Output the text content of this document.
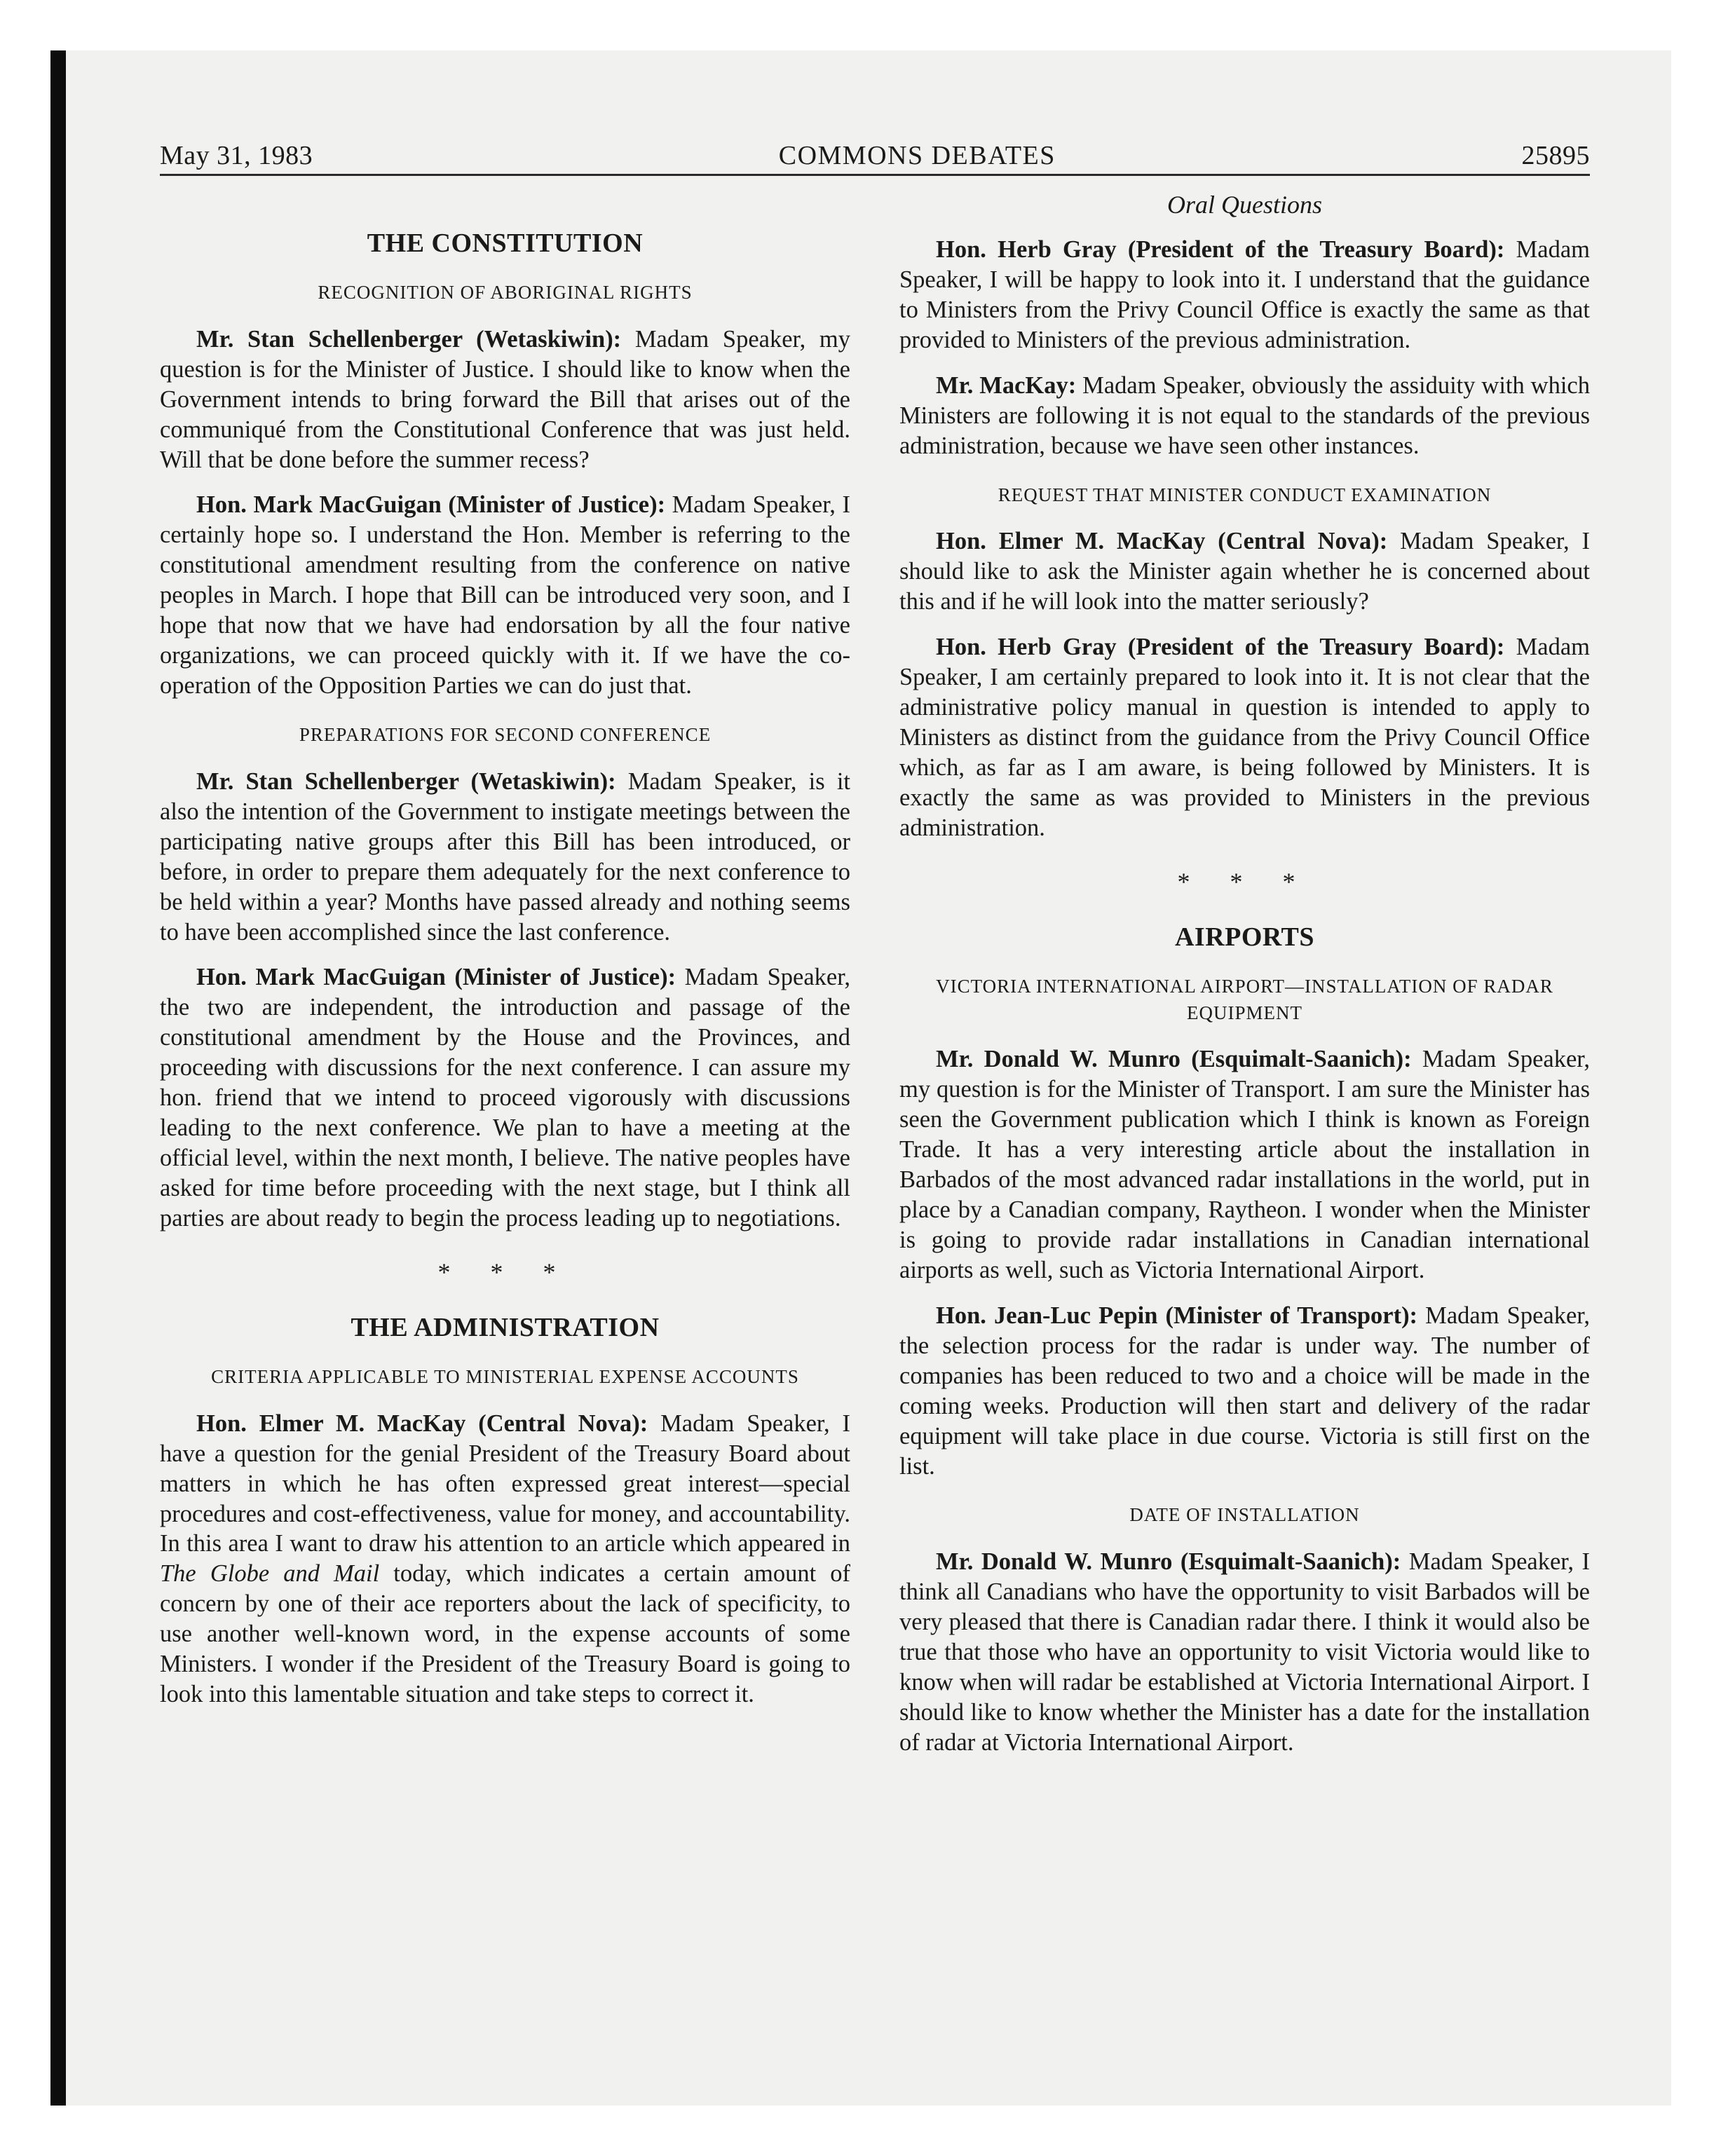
May 31, 1983	COMMONS DEBATES	25895
THE CONSTITUTION
RECOGNITION OF ABORIGINAL RIGHTS

Mr. Stan Schellenberger (Wetaskiwin): Madam Speaker, my question is for the Minister of Justice. I should like to know when the Government intends to bring forward the Bill that arises out of the communiqué from the Constitutional Conference that was just held. Will that be done before the summer recess?

Hon. Mark MacGuigan (Minister of Justice): Madam Speaker, I certainly hope so. I understand the Hon. Member is referring to the constitutional amendment resulting from the conference on native peoples in March. I hope that Bill can be introduced very soon, and I hope that now that we have had endorsation by all the four native organizations, we can proceed quickly with it. If we have the co-operation of the Opposition Parties we can do just that.

PREPARATIONS FOR SECOND CONFERENCE

Mr. Stan Schellenberger (Wetaskiwin): Madam Speaker, is it also the intention of the Government to instigate meetings between the participating native groups after this Bill has been introduced, or before, in order to prepare them adequately for the next conference to be held within a year? Months have passed already and nothing seems to have been accomplished since the last conference.

Hon. Mark MacGuigan (Minister of Justice): Madam Speaker, the two are independent, the introduction and passage of the constitutional amendment by the House and the Provinces, and proceeding with discussions for the next conference. I can assure my hon. friend that we intend to proceed vigorously with discussions leading to the next conference. We plan to have a meeting at the official level, within the next month, I believe. The native peoples have asked for time before proceeding with the next stage, but I think all parties are about ready to begin the process leading up to negotiations.

* * *
THE ADMINISTRATION
CRITERIA APPLICABLE TO MINISTERIAL EXPENSE ACCOUNTS

Hon. Elmer M. MacKay (Central Nova): Madam Speaker, I have a question for the genial President of the Treasury Board about matters in which he has often expressed great interest—special procedures and cost-effectiveness, value for money, and accountability. In this area I want to draw his attention to an article which appeared in The Globe and Mail today, which indicates a certain amount of concern by one of their ace reporters about the lack of specificity, to use another well-known word, in the expense accounts of some Ministers. I wonder if the President of the Treasury Board is going to look into this lamentable situation and take steps to correct it.

Oral Questions

Hon. Herb Gray (President of the Treasury Board): Madam Speaker, I will be happy to look into it. I understand that the guidance to Ministers from the Privy Council Office is exactly the same as that provided to Ministers of the previous administration.

Mr. MacKay: Madam Speaker, obviously the assiduity with which Ministers are following it is not equal to the standards of the previous administration, because we have seen other instances.

REQUEST THAT MINISTER CONDUCT EXAMINATION

Hon. Elmer M. MacKay (Central Nova): Madam Speaker, I should like to ask the Minister again whether he is concerned about this and if he will look into the matter seriously?

Hon. Herb Gray (President of the Treasury Board): Madam Speaker, I am certainly prepared to look into it. It is not clear that the administrative policy manual in question is intended to apply to Ministers as distinct from the guidance from the Privy Council Office which, as far as I am aware, is being followed by Ministers. It is exactly the same as was provided to Ministers in the previous administration.

* * *
AIRPORTS
VICTORIA INTERNATIONAL AIRPORT—INSTALLATION OF RADAR EQUIPMENT

Mr. Donald W. Munro (Esquimalt-Saanich): Madam Speaker, my question is for the Minister of Transport. I am sure the Minister has seen the Government publication which I think is known as Foreign Trade. It has a very interesting article about the installation in Barbados of the most advanced radar installations in the world, put in place by a Canadian company, Raytheon. I wonder when the Minister is going to provide radar installations in Canadian international airports as well, such as Victoria International Airport.

Hon. Jean-Luc Pepin (Minister of Transport): Madam Speaker, the selection process for the radar is under way. The number of companies has been reduced to two and a choice will be made in the coming weeks. Production will then start and delivery of the radar equipment will take place in due course. Victoria is still first on the list.

DATE OF INSTALLATION

Mr. Donald W. Munro (Esquimalt-Saanich): Madam Speaker, I think all Canadians who have the opportunity to visit Barbados will be very pleased that there is Canadian radar there. I think it would also be true that those who have an opportunity to visit Victoria would like to know when will radar be established at Victoria International Airport. I should like to know whether the Minister has a date for the installation of radar at Victoria International Airport.
